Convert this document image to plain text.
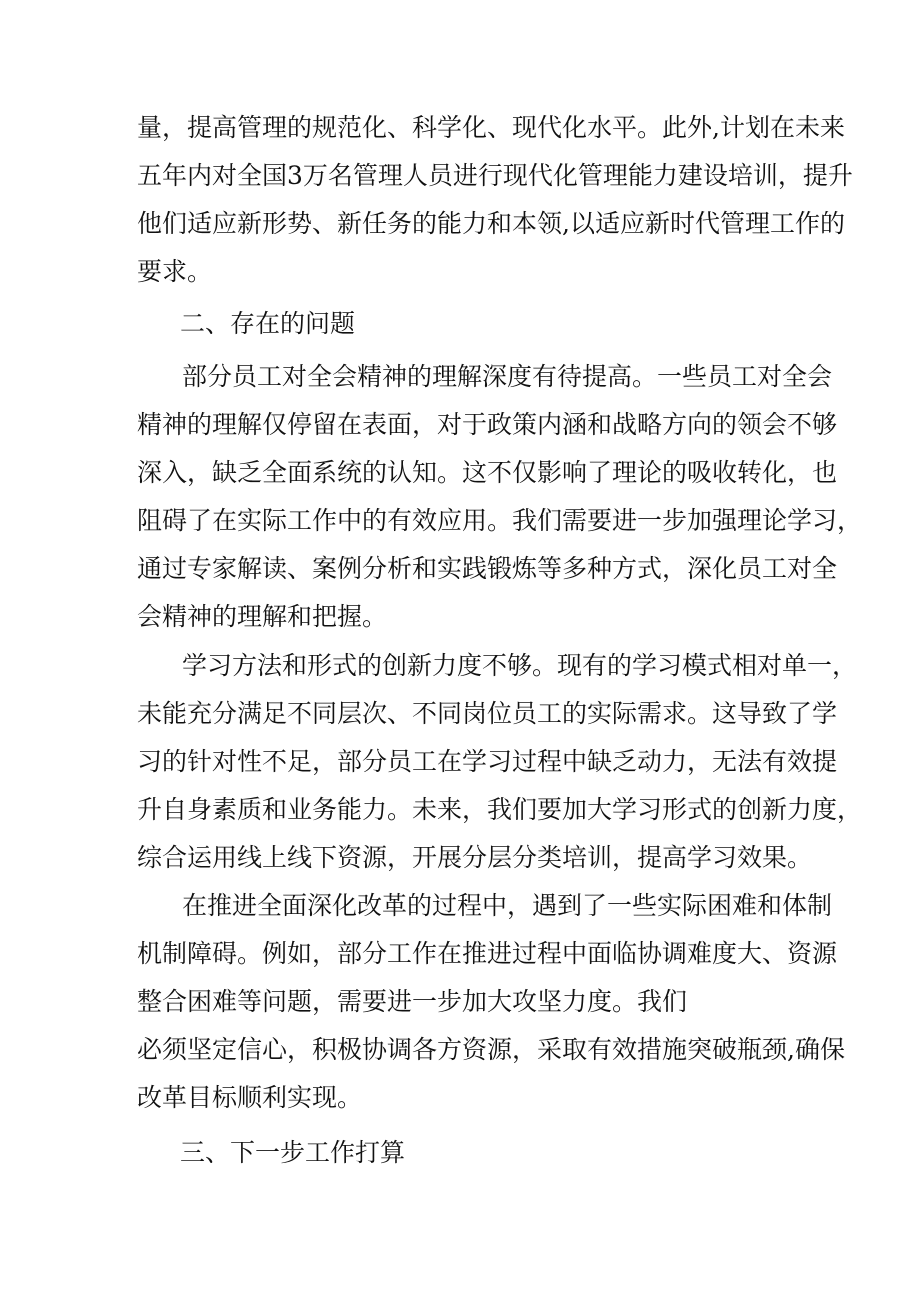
量，提高管理的规范化、科学化、现代化水平。此外,计划在未来
五年内对全国3万名管理人员进行现代化管理能力建设培训，提升
他们适应新形势、新任务的能力和本领,以适应新时代管理工作的
要求。
二、存在的问题
部分员工对全会精神的理解深度有待提高。一些员工对全会
精神的理解仅停留在表面，对于政策内涵和战略方向的领会不够
深入，缺乏全面系统的认知。这不仅影响了理论的吸收转化，也
阻碍了在实际工作中的有效应用。我们需要进一步加强理论学习，
通过专家解读、案例分析和实践锻炼等多种方式，深化员工对全
会精神的理解和把握。
学习方法和形式的创新力度不够。现有的学习模式相对单一，
未能充分满足不同层次、不同岗位员工的实际需求。这导致了学
习的针对性不足，部分员工在学习过程中缺乏动力，无法有效提
升自身素质和业务能力。未来，我们要加大学习形式的创新力度，
综合运用线上线下资源，开展分层分类培训，提高学习效果。
在推进全面深化改革的过程中，遇到了一些实际困难和体制
机制障碍。例如，部分工作在推进过程中面临协调难度大、资源
整合困难等问题，需要进一步加大攻坚力度。我们
必须坚定信心，积极协调各方资源，采取有效措施突破瓶颈,确保
改革目标顺利实现。
三、下一步工作打算
